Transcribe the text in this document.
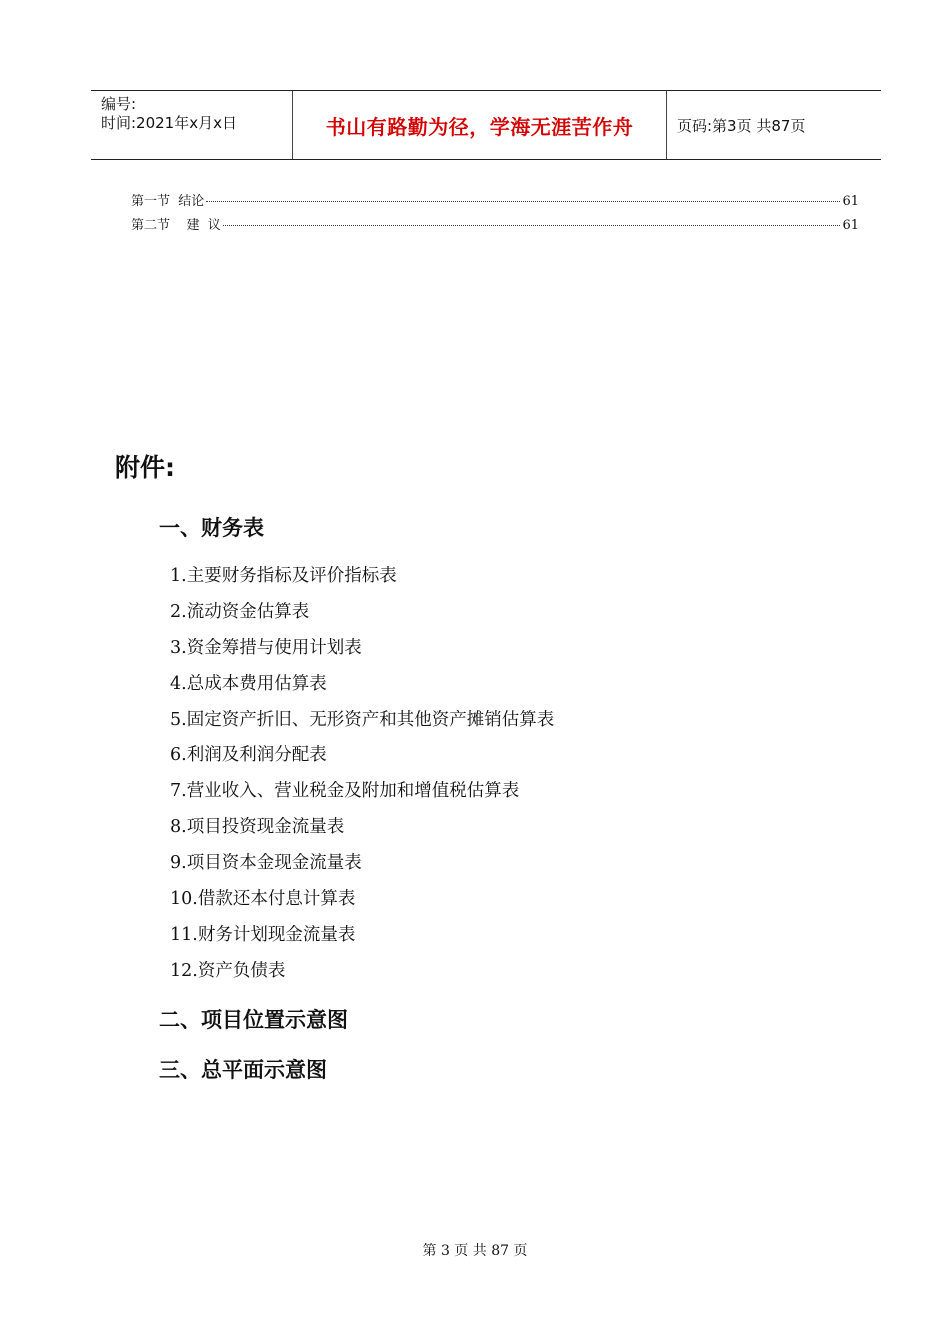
编号:
时间:2021年x月x日	书山有路勤为径，学海无涯苦作舟	页码:第3页 共87页
第一节  结论	61
第二节    建  议	61
附件:
一、财务表
1.主要财务指标及评价指标表
2.流动资金估算表
3.资金筹措与使用计划表
4.总成本费用估算表
5.固定资产折旧、无形资产和其他资产摊销估算表
6.利润及利润分配表
7.营业收入、营业税金及附加和增值税估算表
8.项目投资现金流量表
9.项目资本金现金流量表
10.借款还本付息计算表
11.财务计划现金流量表
12.资产负债表
二、项目位置示意图
三、总平面示意图
第 3 页 共 87 页
